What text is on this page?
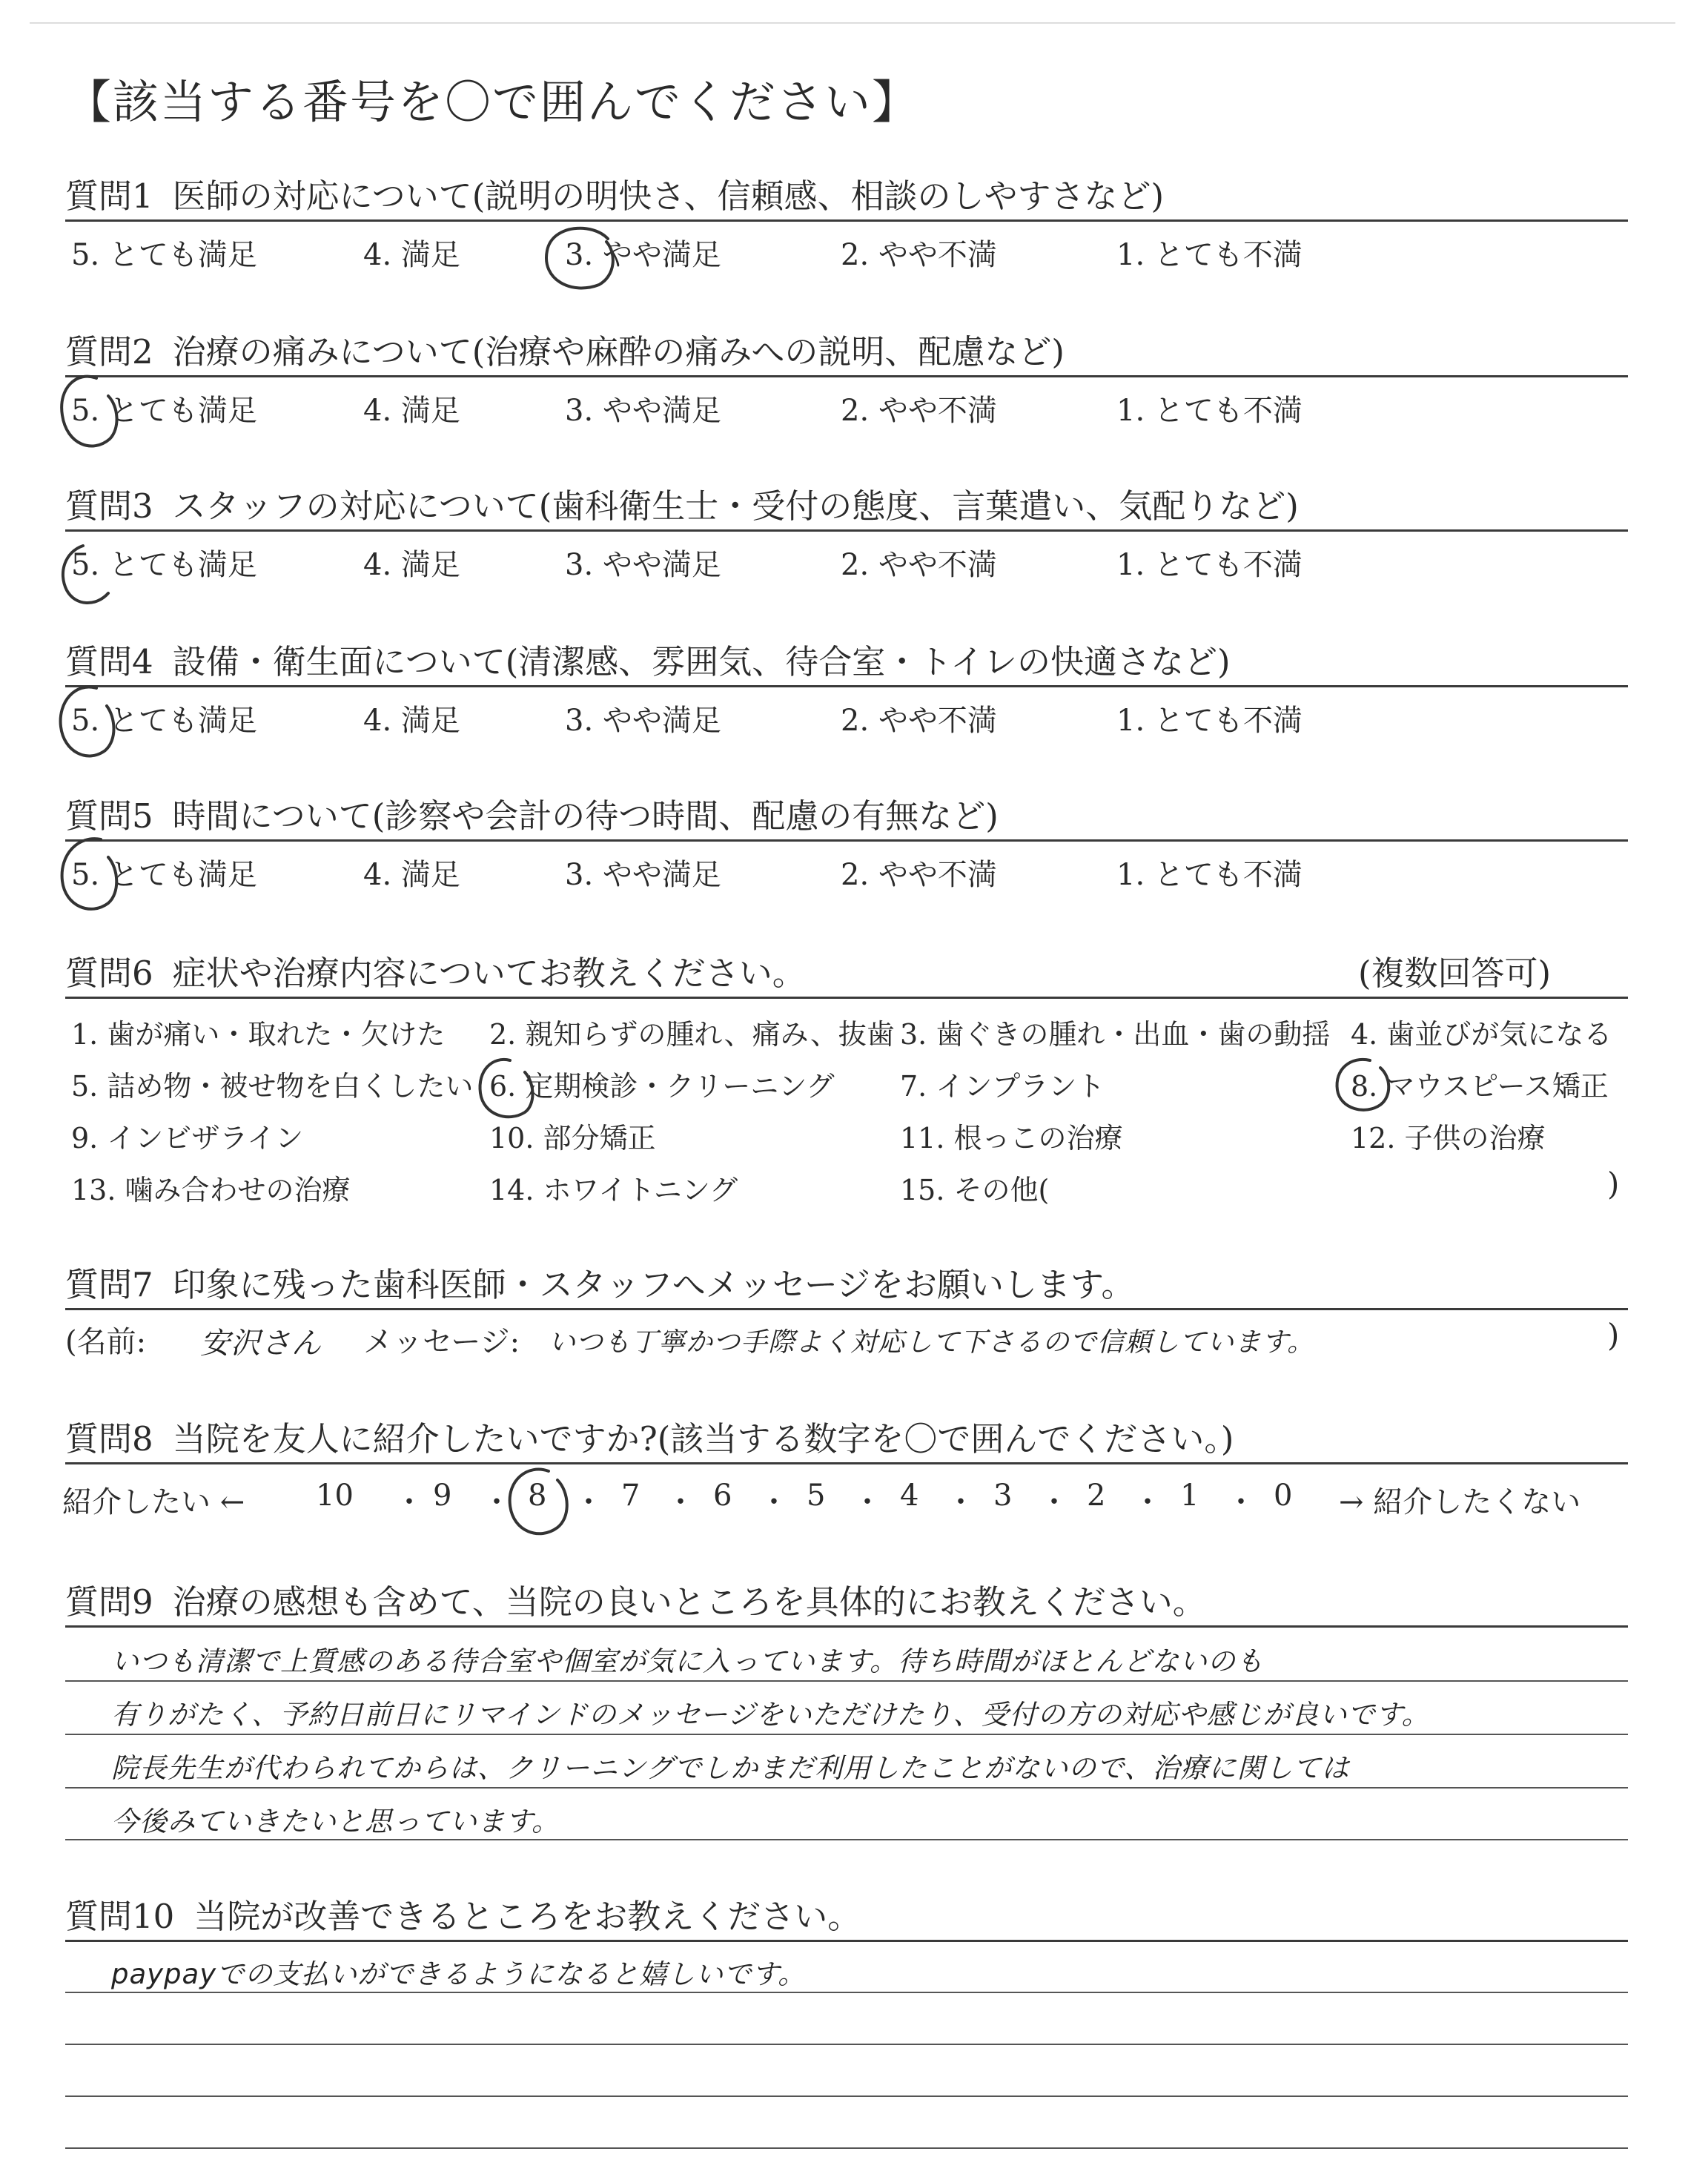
【該当する番号を〇で囲んでください】
質問1 医師の対応について(説明の明快さ、信頼感、相談のしやすさなど)
5. とても満足	4. 満足	3. やや満足	2. やや不満	1. とても不満
質問2 治療の痛みについて(治療や麻酔の痛みへの説明、配慮など)
5. とても満足	4. 満足	3. やや満足	2. やや不満	1. とても不満
質問3 スタッフの対応について(歯科衛生士・受付の態度、言葉遣い、気配りなど)
5. とても満足	4. 満足	3. やや満足	2. やや不満	1. とても不満
質問4 設備・衛生面について(清潔感、雰囲気、待合室・トイレの快適さなど)
5. とても満足	4. 満足	3. やや満足	2. やや不満	1. とても不満
質問5 時間について(診察や会計の待つ時間、配慮の有無など)
5. とても満足	4. 満足	3. やや満足	2. やや不満	1. とても不満
質問6 症状や治療内容についてお教えください。	(複数回答可)
1. 歯が痛い・取れた・欠けた 2. 親知らずの腫れ、痛み、抜歯 3. 歯ぐきの腫れ・出血・歯の動揺 4. 歯並びが気になる
5. 詰め物・被せ物を白くしたい 6. 定期検診・クリーニング 7. インプラント	8. マウスピース矯正
9. インビザライン	10. 部分矯正	11. 根っこの治療	12. 子供の治療
13. 噛み合わせの治療	14. ホワイトニング	15. その他(	)
質問7 印象に残った歯科医師・スタッフへメッセージをお願いします。
(名前: 安沢さん メッセージ: いつも丁寧かつ手際よく対応して下さるので信頼しています。	)
質問8 当院を友人に紹介したいですか?(該当する数字を〇で囲んでください。)
紹介したい ← 10 ・ 9 ・ 8 ・ 7 ・ 6 ・ 5 ・ 4 ・ 3 ・ 2 ・ 1 ・ 0 → 紹介したくない
質問9 治療の感想も含めて、当院の良いところを具体的にお教えください。
いつも清潔で上質感のある待合室や個室が気に入っています。待ち時間がほとんどないのも
有りがたく、予約日前日にリマインドのメッセージをいただけたり、受付の方の対応や感じが良いです。
院長先生が代わられてからは、クリーニングでしかまだ利用したことがないので、治療に関しては
今後みていきたいと思っています。
質問10 当院が改善できるところをお教えください。
paypayでの支払いができるようになると嬉しいです。
